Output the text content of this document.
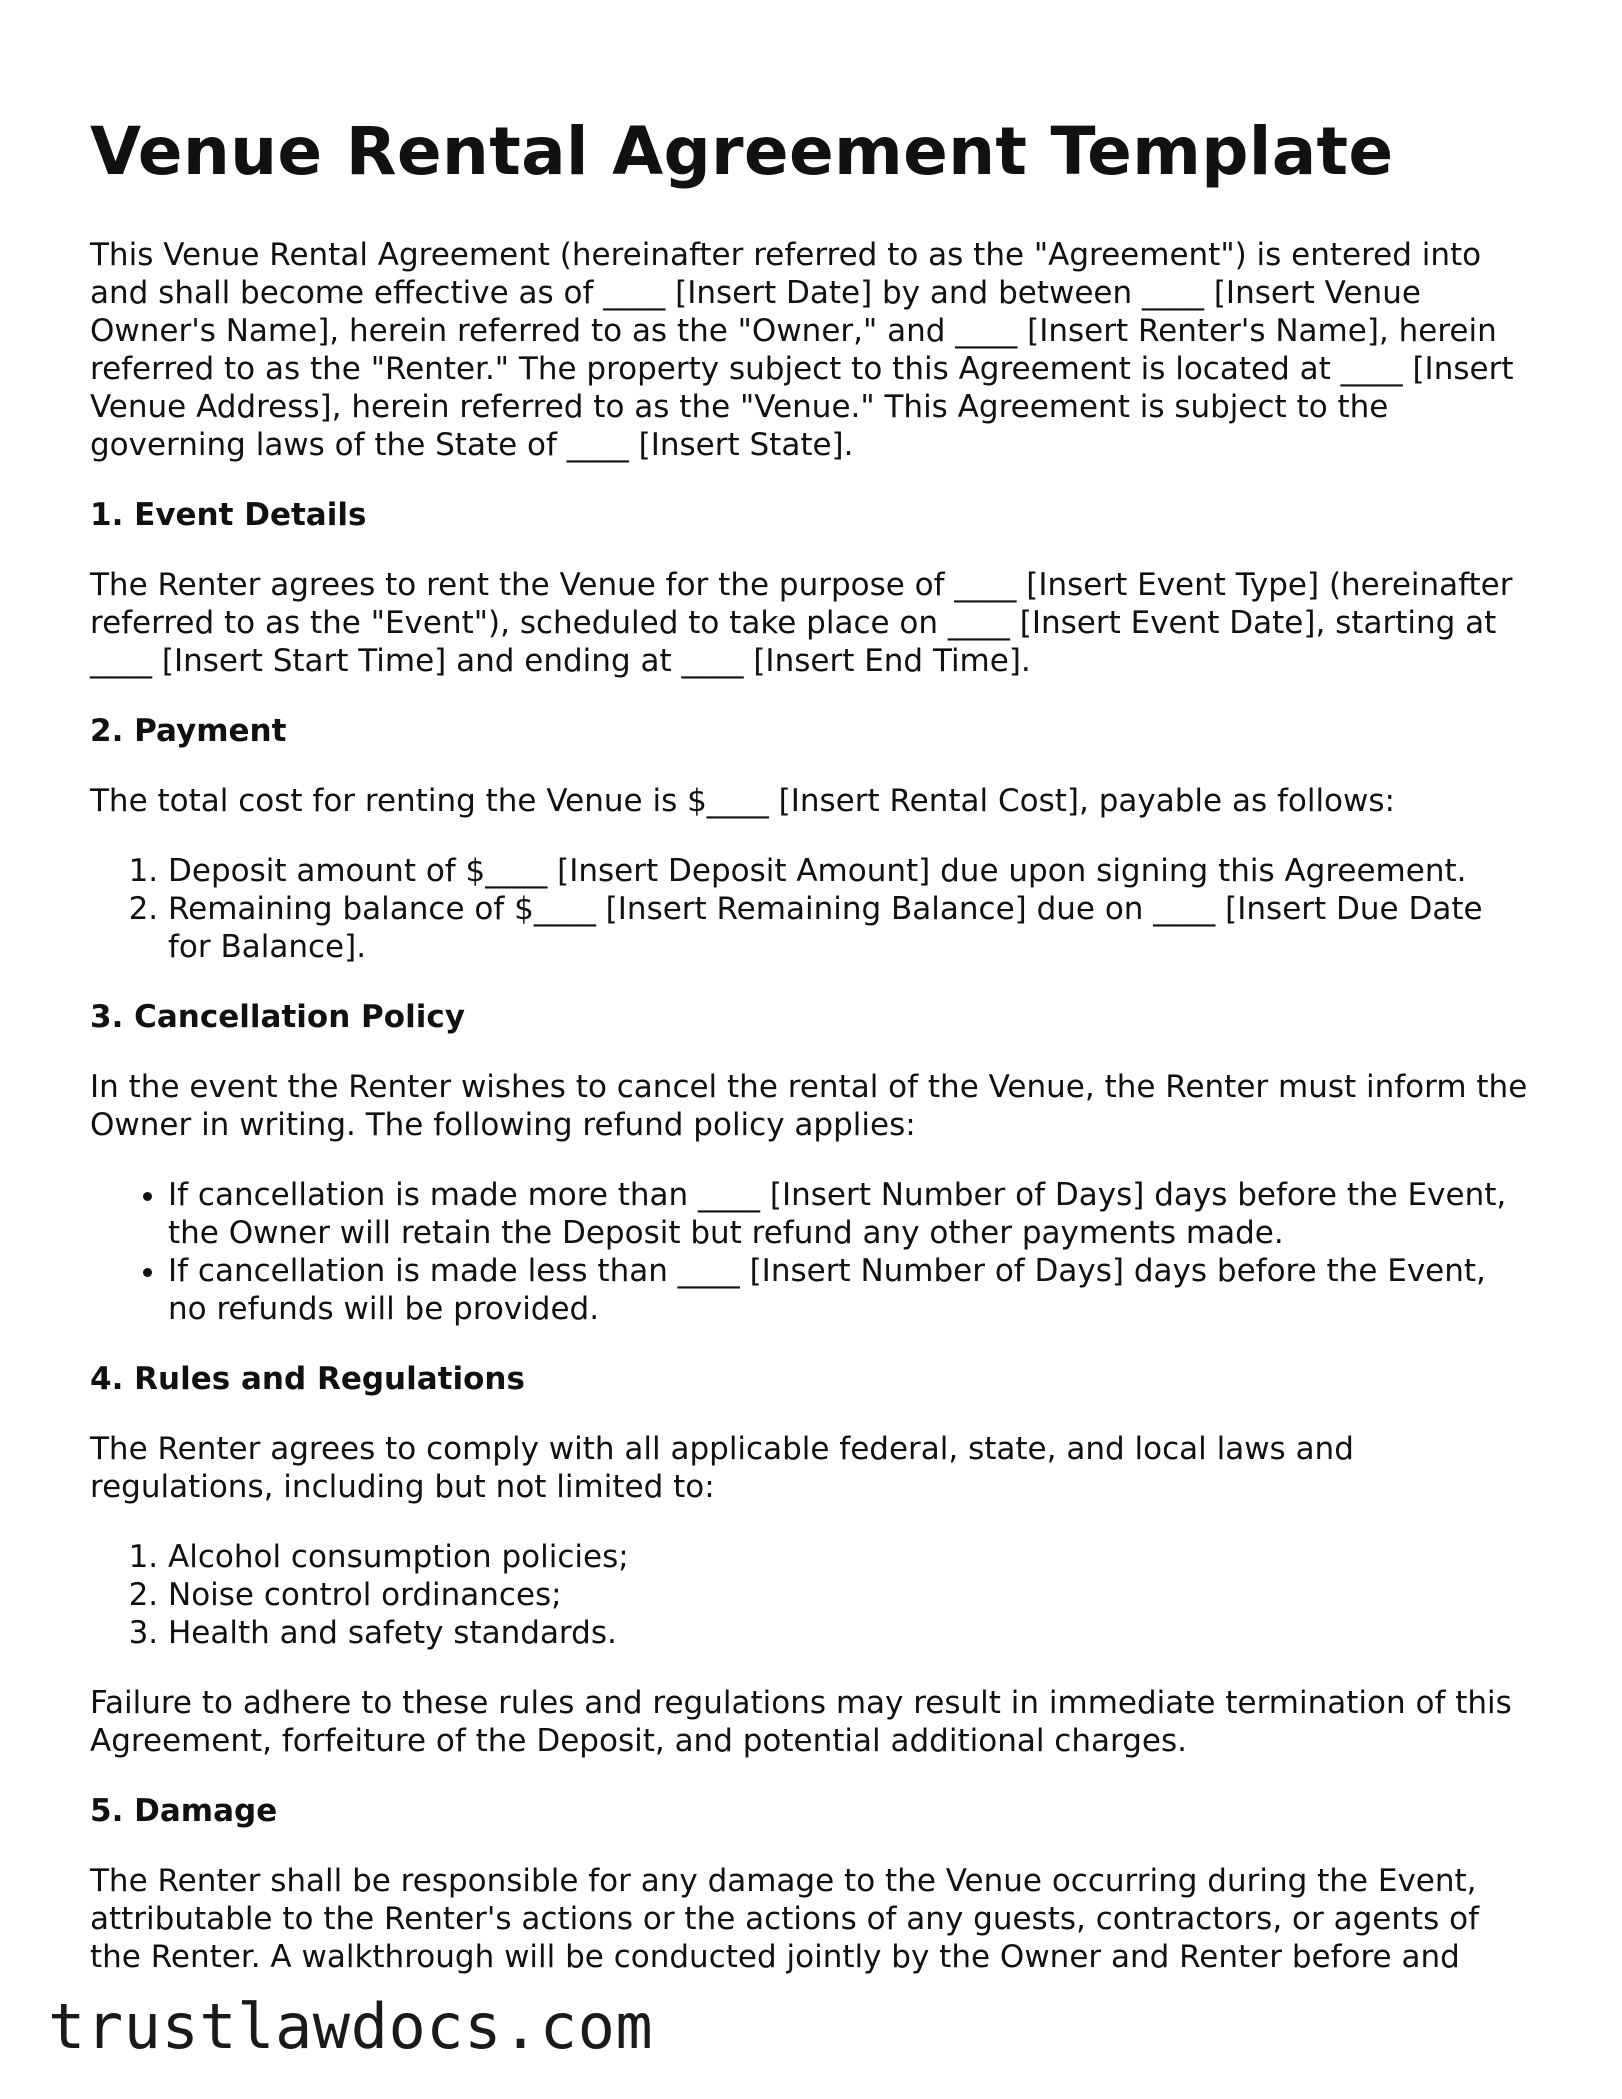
Venue Rental Agreement Template

This Venue Rental Agreement (hereinafter referred to as the "Agreement") is entered into and shall become effective as of ____ [Insert Date] by and between ____ [Insert Venue Owner's Name], herein referred to as the "Owner," and ____ [Insert Renter's Name], herein referred to as the "Renter." The property subject to this Agreement is located at ____ [Insert Venue Address], herein referred to as the "Venue." This Agreement is subject to the governing laws of the State of ____ [Insert State].

1. Event Details

The Renter agrees to rent the Venue for the purpose of ____ [Insert Event Type] (hereinafter referred to as the "Event"), scheduled to take place on ____ [Insert Event Date], starting at ____ [Insert Start Time] and ending at ____ [Insert End Time].

2. Payment

The total cost for renting the Venue is $____ [Insert Rental Cost], payable as follows:

1. Deposit amount of $____ [Insert Deposit Amount] due upon signing this Agreement.
2. Remaining balance of $____ [Insert Remaining Balance] due on ____ [Insert Due Date for Balance].
3. Cancellation Policy

In the event the Renter wishes to cancel the rental of the Venue, the Renter must inform the Owner in writing. The following refund policy applies:

• If cancellation is made more than ____ [Insert Number of Days] days before the Event, the Owner will retain the Deposit but refund any other payments made.
• If cancellation is made less than ____ [Insert Number of Days] days before the Event, no refunds will be provided.
4. Rules and Regulations

The Renter agrees to comply with all applicable federal, state, and local laws and regulations, including but not limited to:

1. Alcohol consumption policies;
2. Noise control ordinances;
3. Health and safety standards.

Failure to adhere to these rules and regulations may result in immediate termination of this Agreement, forfeiture of the Deposit, and potential additional charges.

5. Damage

The Renter shall be responsible for any damage to the Venue occurring during the Event, attributable to the Renter's actions or the actions of any guests, contractors, or agents of the Renter. A walkthrough will be conducted jointly by the Owner and Renter before and

trustlawdocs.com
